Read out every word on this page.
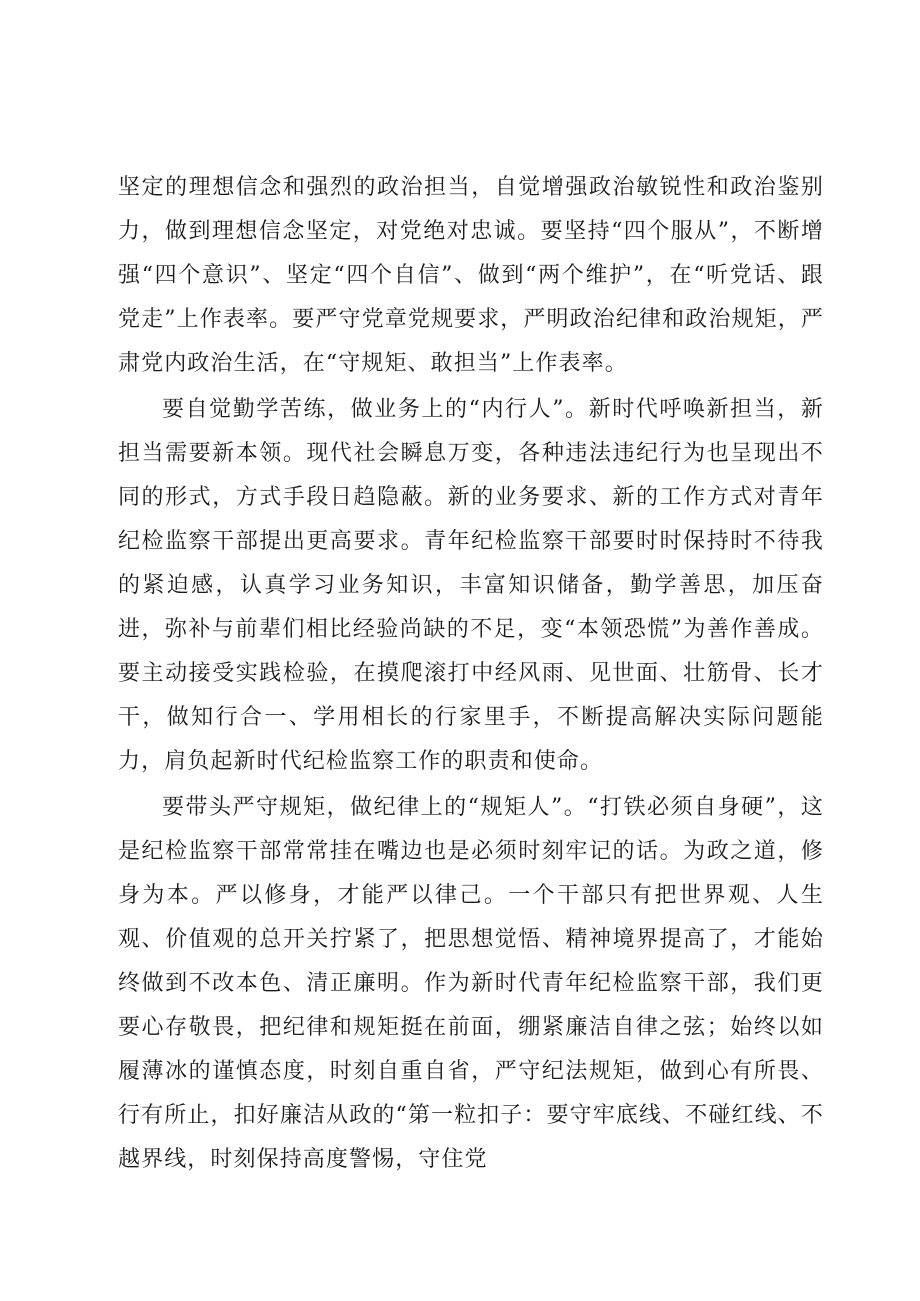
坚定的理想信念和强烈的政治担当，自觉增强政治敏锐性和政治鉴别力，做到理想信念坚定，对党绝对忠诚。要坚持“四个服从”，不断增强“四个意识”、坚定“四个自信”、做到“两个维护”，在“听党话、跟党走”上作表率。要严守党章党规要求，严明政治纪律和政治规矩，严肃党内政治生活，在“守规矩、敢担当”上作表率。

要自觉勤学苦练，做业务上的“内行人”。新时代呼唤新担当，新担当需要新本领。现代社会瞬息万变，各种违法违纪行为也呈现出不同的形式，方式手段日趋隐蔽。新的业务要求、新的工作方式对青年纪检监察干部提出更高要求。青年纪检监察干部要时时保持时不待我的紧迫感，认真学习业务知识，丰富知识储备，勤学善思，加压奋进，弥补与前辈们相比经验尚缺的不足，变“本领恐慌”为善作善成。要主动接受实践检验，在摸爬滚打中经风雨、见世面、壮筋骨、长才干，做知行合一、学用相长的行家里手，不断提高解决实际问题能力，肩负起新时代纪检监察工作的职责和使命。

要带头严守规矩，做纪律上的“规矩人”。“打铁必须自身硬”，这是纪检监察干部常常挂在嘴边也是必须时刻牢记的话。为政之道，修身为本。严以修身，才能严以律己。一个干部只有把世界观、人生观、价值观的总开关拧紧了，把思想觉悟、精神境界提高了，才能始终做到不改本色、清正廉明。作为新时代青年纪检监察干部，我们更要心存敬畏，把纪律和规矩挺在前面，绷紧廉洁自律之弦；始终以如履薄冰的谨慎态度，时刻自重自省，严守纪法规矩，做到心有所畏、行有所止，扣好廉洁从政的“第一粒扣子：要守牢底线、不碰红线、不越界线，时刻保持高度警惕，守住党
